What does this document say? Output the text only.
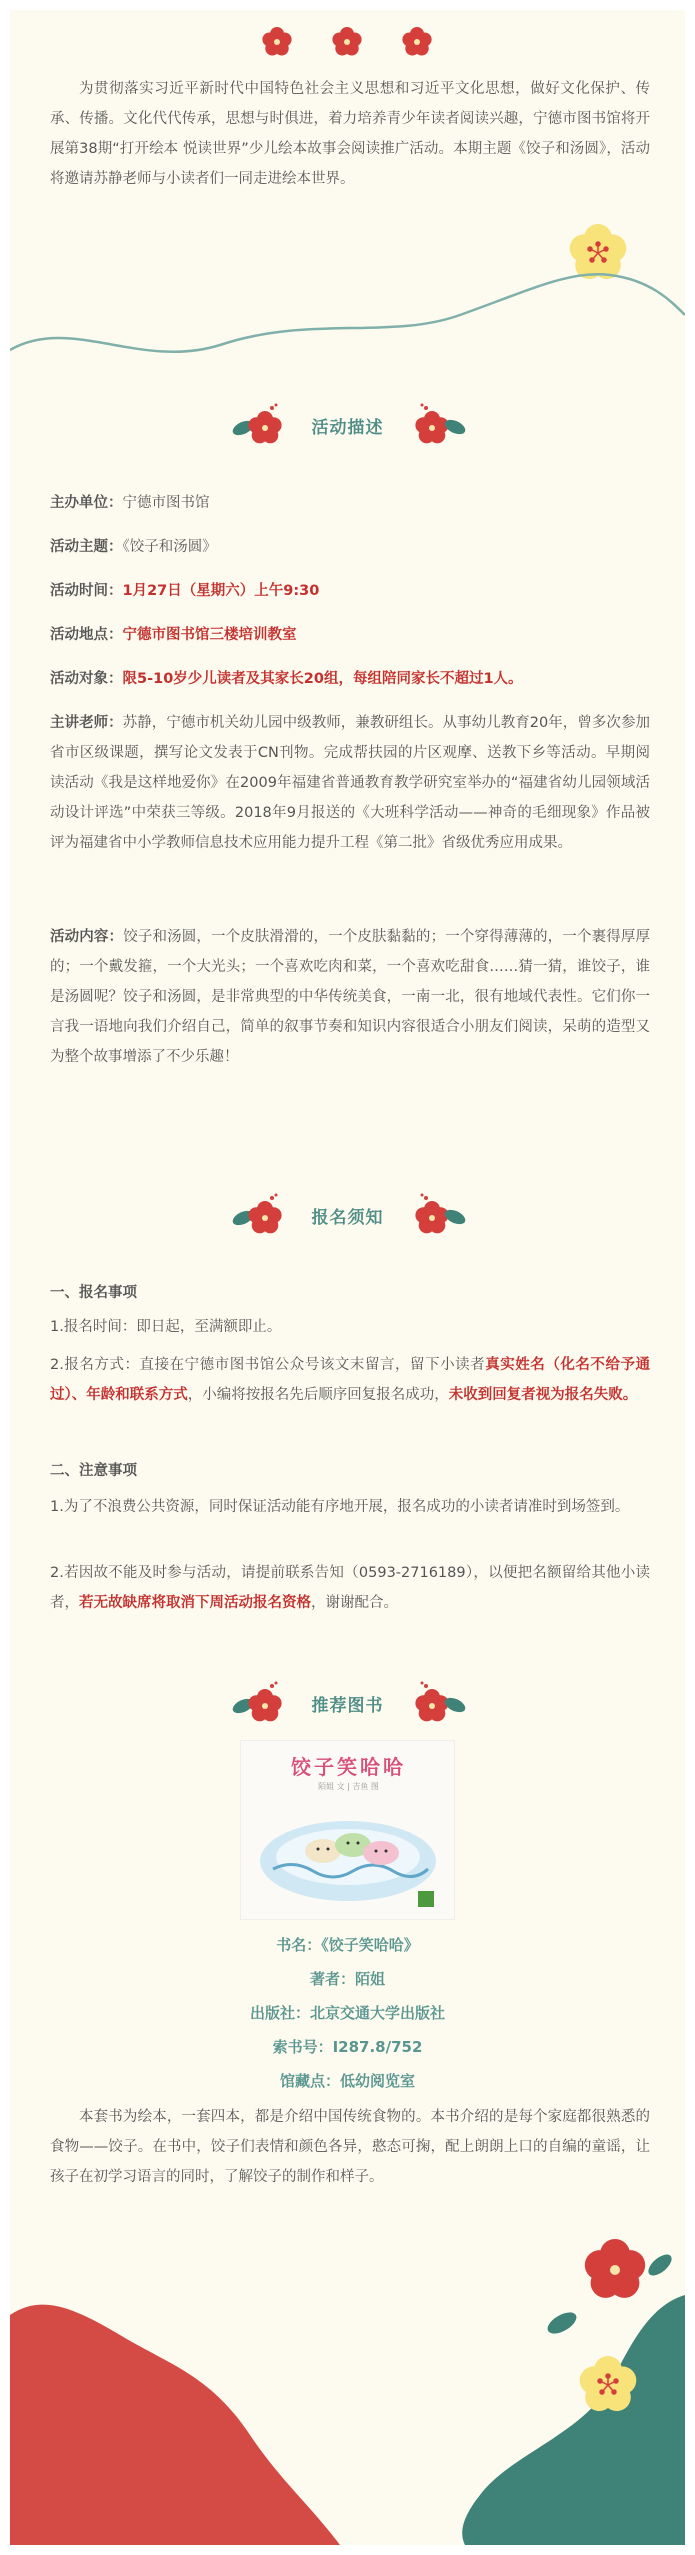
为贯彻落实习近平新时代中国特色社会主义思想和习近平文化思想，做好文化保护、传承、传播。文化代代传承，思想与时俱进，着力培养青少年读者阅读兴趣，宁德市图书馆将开展第38期“打开绘本 悦读世界”少儿绘本故事会阅读推广活动。本期主题《饺子和汤圆》，活动将邀请苏静老师与小读者们一同走进绘本世界。
活动描述
主办单位：宁德市图书馆
活动主题：《饺子和汤圆》
活动时间：1月27日（星期六）上午9:30
活动地点：宁德市图书馆三楼培训教室
活动对象：限5-10岁少儿读者及其家长20组，每组陪同家长不超过1人。
主讲老师：苏静，宁德市机关幼儿园中级教师，兼教研组长。从事幼儿教育20年，曾多次参加省市区级课题，撰写论文发表于CN刊物。完成帮扶园的片区观摩、送教下乡等活动。早期阅读活动《我是这样地爱你》在2009年福建省普通教育教学研究室举办的“福建省幼儿园领域活动设计评选”中荣获三等级。2018年9月报送的《大班科学活动——神奇的毛细现象》作品被评为福建省中小学教师信息技术应用能力提升工程《第二批》省级优秀应用成果。
活动内容：饺子和汤圆，一个皮肤滑滑的，一个皮肤黏黏的；一个穿得薄薄的，一个裹得厚厚的；一个戴发箍，一个大光头；一个喜欢吃肉和菜，一个喜欢吃甜食……猜一猜，谁饺子，谁是汤圆呢？饺子和汤圆，是非常典型的中华传统美食，一南一北，很有地域代表性。它们你一言我一语地向我们介绍自己，简单的叙事节奏和知识内容很适合小朋友们阅读，呆萌的造型又为整个故事增添了不少乐趣！
报名须知
一、报名事项
1.报名时间：即日起，至满额即止。
2.报名方式：直接在宁德市图书馆公众号该文末留言，留下小读者真实姓名（化名不给予通过）、年龄和联系方式，小编将按报名先后顺序回复报名成功，未收到回复者视为报名失败。
二、注意事项
1.为了不浪费公共资源，同时保证活动能有序地开展，报名成功的小读者请准时到场签到。
2.若因故不能及时参与活动，请提前联系告知（0593-2716189），以便把名额留给其他小读者，若无故缺席将取消下周活动报名资格，谢谢配合。
推荐图书
饺子笑哈哈
陌姐 文 | 吉鱼 图
书名：《饺子笑哈哈》
著者：陌姐
出版社：北京交通大学出版社
索书号：I287.8/752
馆藏点：低幼阅览室
本套书为绘本，一套四本，都是介绍中国传统食物的。本书介绍的是每个家庭都很熟悉的食物——饺子。在书中，饺子们表情和颜色各异，憨态可掬，配上朗朗上口的自编的童谣，让孩子在初学习语言的同时，了解饺子的制作和样子。
